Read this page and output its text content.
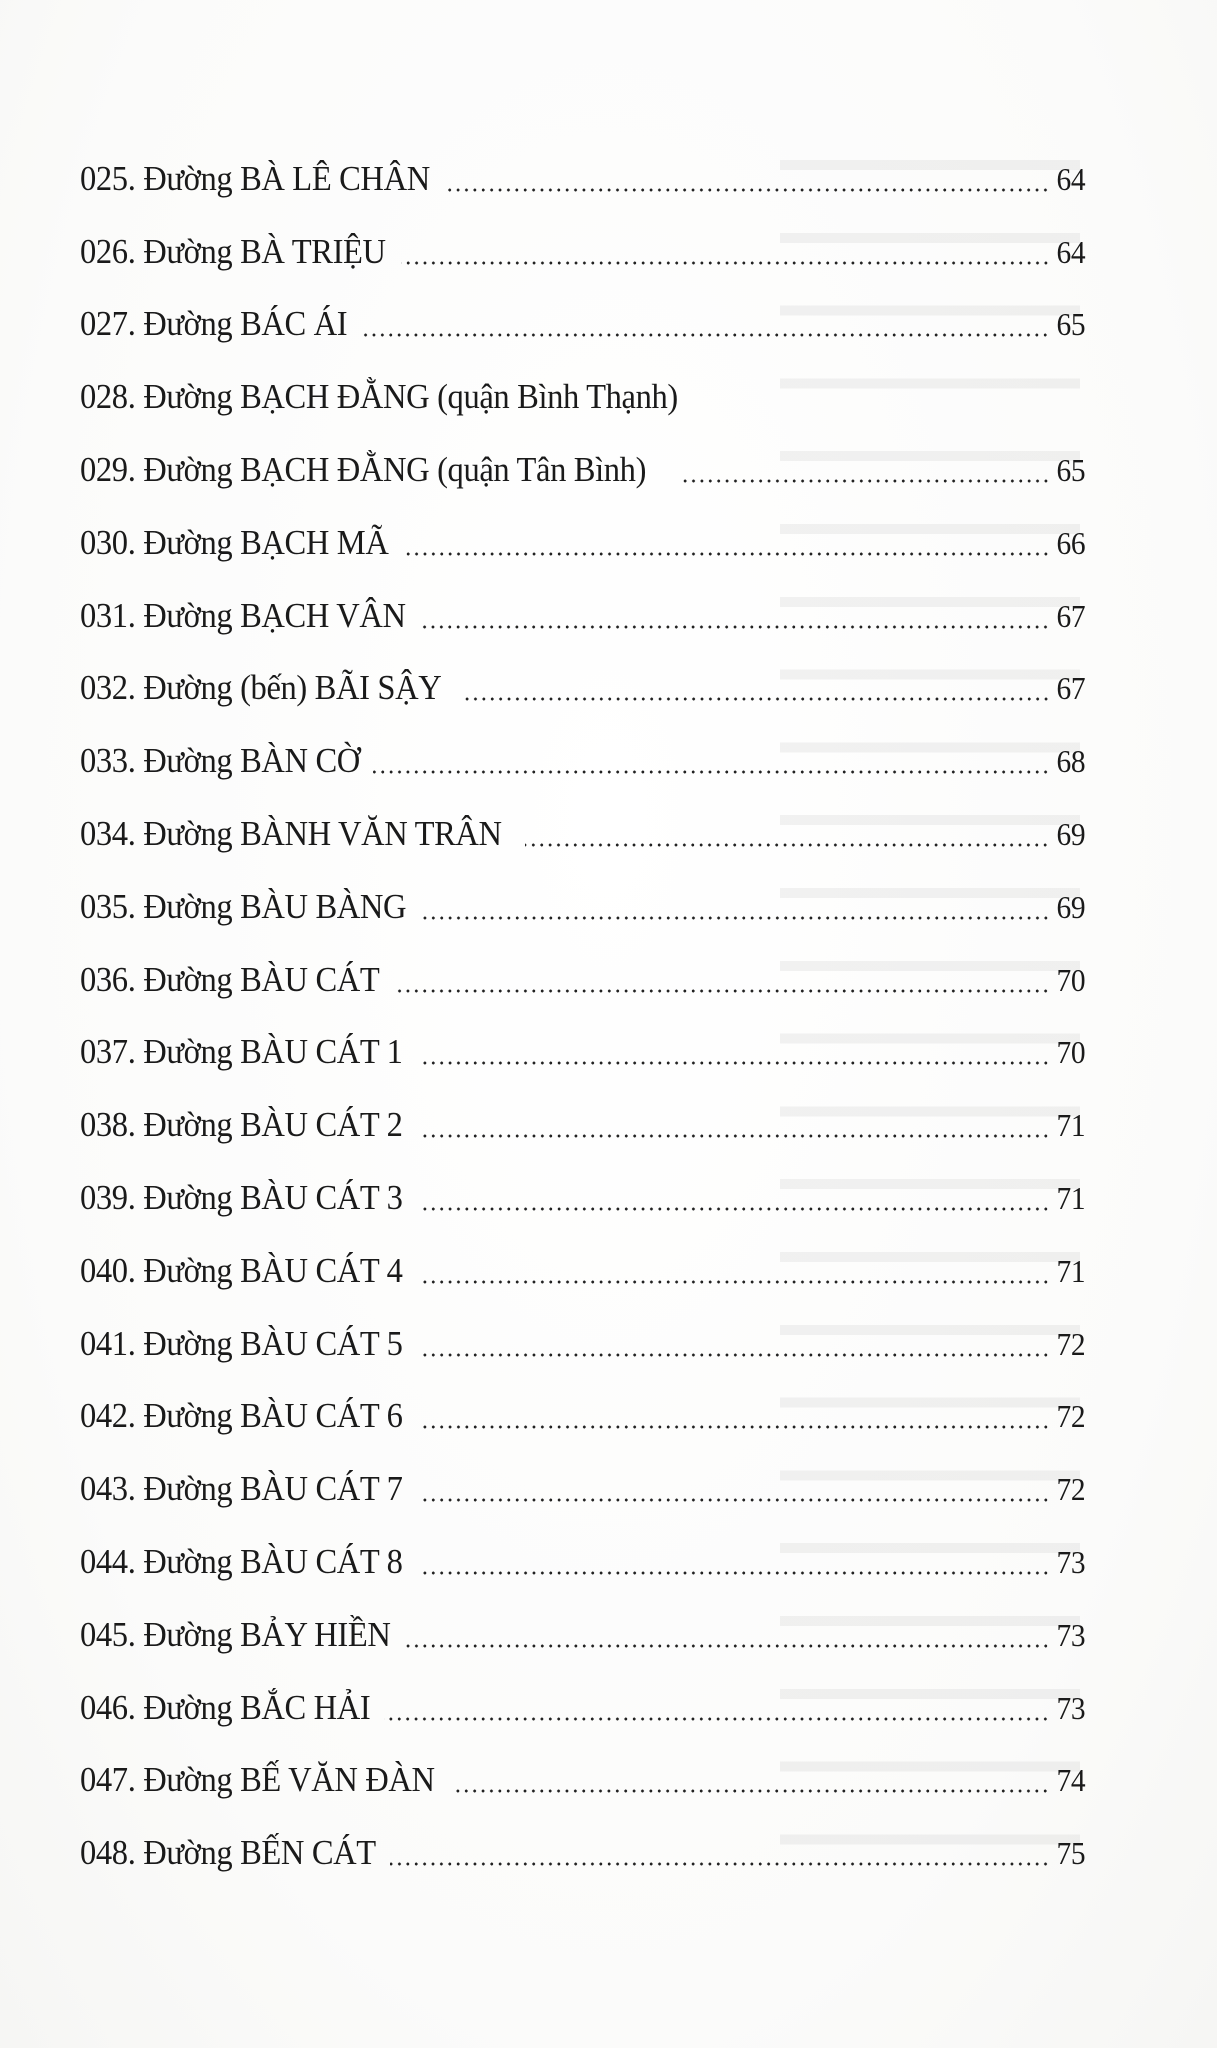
025. Đường BÀ LÊ CHÂN	64
026. Đường BÀ TRIỆU	64
027. Đường BÁC ÁI	65
028. Đường BẠCH ĐẰNG (quận Bình Thạnh)
029. Đường BẠCH ĐẰNG (quận Tân Bình)	65
030. Đường BẠCH MÃ	66
031. Đường BẠCH VÂN	67
032. Đường (bến) BÃI SẬY	67
033. Đường BÀN CỜ	68
034. Đường BÀNH VĂN TRÂN	69
035. Đường BÀU BÀNG	69
036. Đường BÀU CÁT	70
037. Đường BÀU CÁT 1	70
038. Đường BÀU CÁT 2	71
039. Đường BÀU CÁT 3	71
040. Đường BÀU CÁT 4	71
041. Đường BÀU CÁT 5	72
042. Đường BÀU CÁT 6	72
043. Đường BÀU CÁT 7	72
044. Đường BÀU CÁT 8	73
045. Đường BẢY HIỀN	73
046. Đường BẮC HẢI	73
047. Đường BẾ VĂN ĐÀN	74
048. Đường BẾN CÁT	75
